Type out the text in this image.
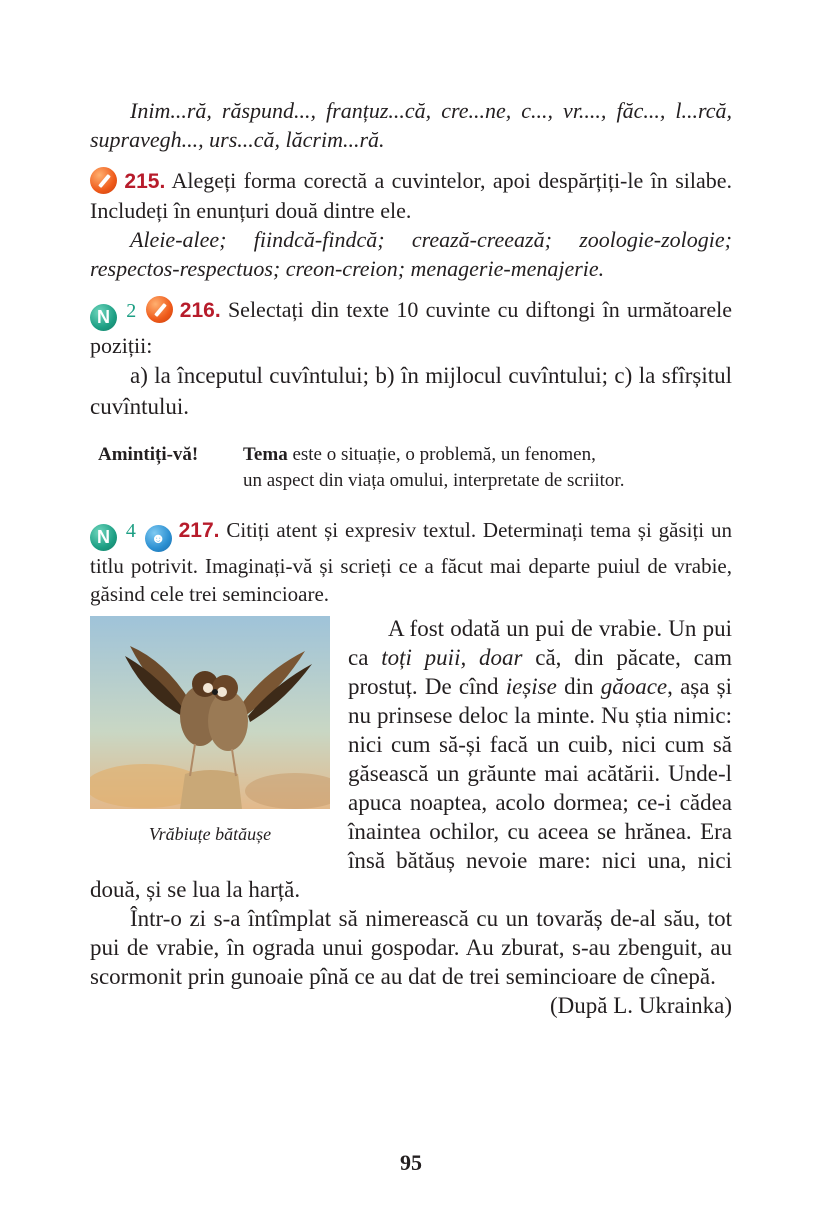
Inim...ră, răspund..., franțuz...că, cre...ne, c..., vr...., făc..., l...rcă, supravegh..., urs...că, lăcrim...ră.
215. Alegeți forma corectă a cuvintelor, apoi despărțiți-le în silabe. Includeți în enunțuri două dintre ele.
Aleie-alee; fiindcă-findcă; crează-creează; zoologie-zologie; respectos-respectuos; creon-creion; menagerie-menajerie.
N 2 216. Selectați din texte 10 cuvinte cu diftongi în următoarele poziții:
a) la începutul cuvîntului; b) în mijlocul cuvîntului; c) la sfîrșitul cuvîntului.
Amintiți-vă!	Tema este o situație, o problemă, un fenomen,
un aspect din viața omului, interpretate de scriitor.
N 4 ☻ 217. Citiți atent și expresiv textul. Determinați tema și găsiți un titlu potrivit. Imaginați-vă și scrieți ce a făcut mai departe puiul de vrabie, găsind cele trei semincioare.
Vrăbiuțe bătăușe
A fost odată un pui de vrabie. Un pui ca toți puii, doar că, din păcate, cam prostuț. De cînd ieșise din găoace, așa și nu prinsese deloc la minte. Nu știa nimic: nici cum să-și facă un cuib, nici cum să găsească un grăunte mai acătării. Unde-l apuca noaptea, acolo dormea; ce-i cădea înaintea ochilor, cu aceea se hrănea. Era însă bătăuș nevoie mare: nici una, nici două, și se lua la harță.
Într-o zi s-a întîmplat să nimerească cu un tovarăș de-al său, tot pui de vrabie, în ograda unui gospodar. Au zburat, s-au zbenguit, au scormonit prin gunoaie pînă ce au dat de trei semincioare de cînepă.
(După L. Ukrainka)
95
